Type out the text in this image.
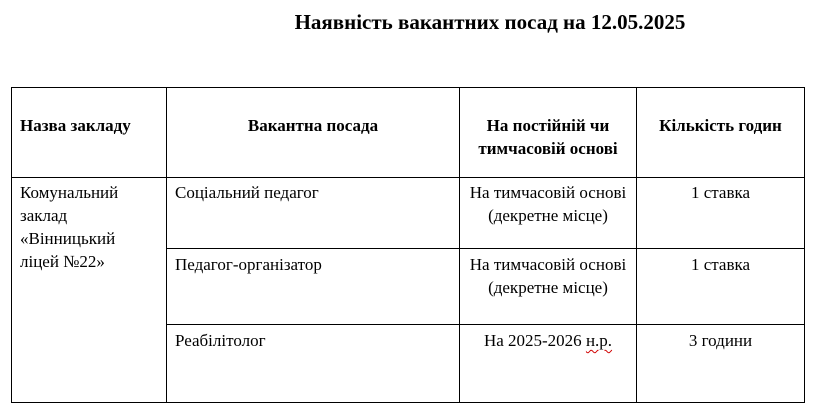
Наявність вакантних посад на 12.05.2025
Назва закладу	Вакантна посада	На постійній чи тимчасовій основі	Кількість годин
Комунальний заклад «Вінницький ліцей №22»	Соціальний педагог	На тимчасовій основі (декретне місце)	1 ставка
	Педагог-організатор	На тимчасовій основі (декретне місце)	1 ставка
	Реабілітолог	На 2025-2026 н.р.	3 години
